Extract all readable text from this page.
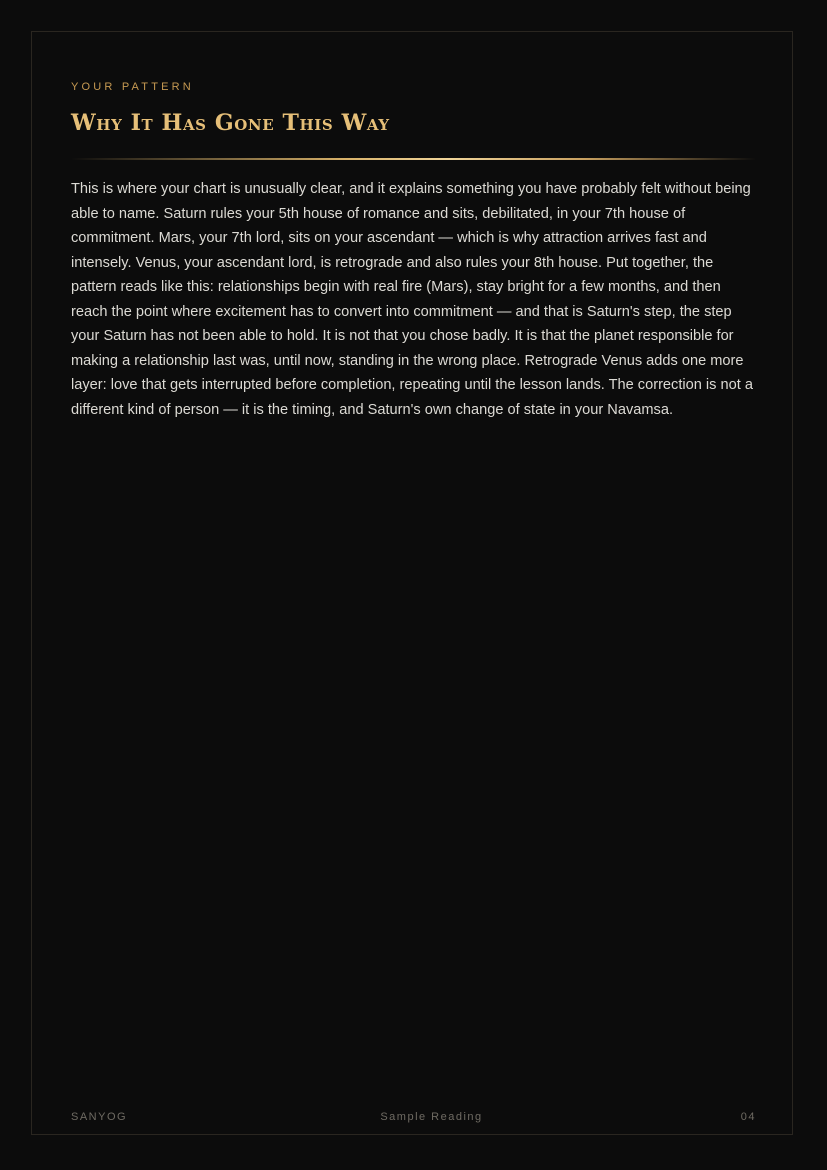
YOUR PATTERN
Why It Has Gone This Way

This is where your chart is unusually clear, and it explains something you have probably felt without being able to name. Saturn rules your 5th house of romance and sits, debilitated, in your 7th house of commitment. Mars, your 7th lord, sits on your ascendant — which is why attraction arrives fast and intensely. Venus, your ascendant lord, is retrograde and also rules your 8th house. Put together, the pattern reads like this: relationships begin with real fire (Mars), stay bright for a few months, and then reach the point where excitement has to convert into commitment — and that is Saturn's step, the step your Saturn has not been able to hold. It is not that you chose badly. It is that the planet responsible for making a relationship last was, until now, standing in the wrong place. Retrograde Venus adds one more layer: love that gets interrupted before completion, repeating until the lesson lands. The correction is not a different kind of person — it is the timing, and Saturn's own change of state in your Navamsa.

SANYOG	Sample Reading	04
